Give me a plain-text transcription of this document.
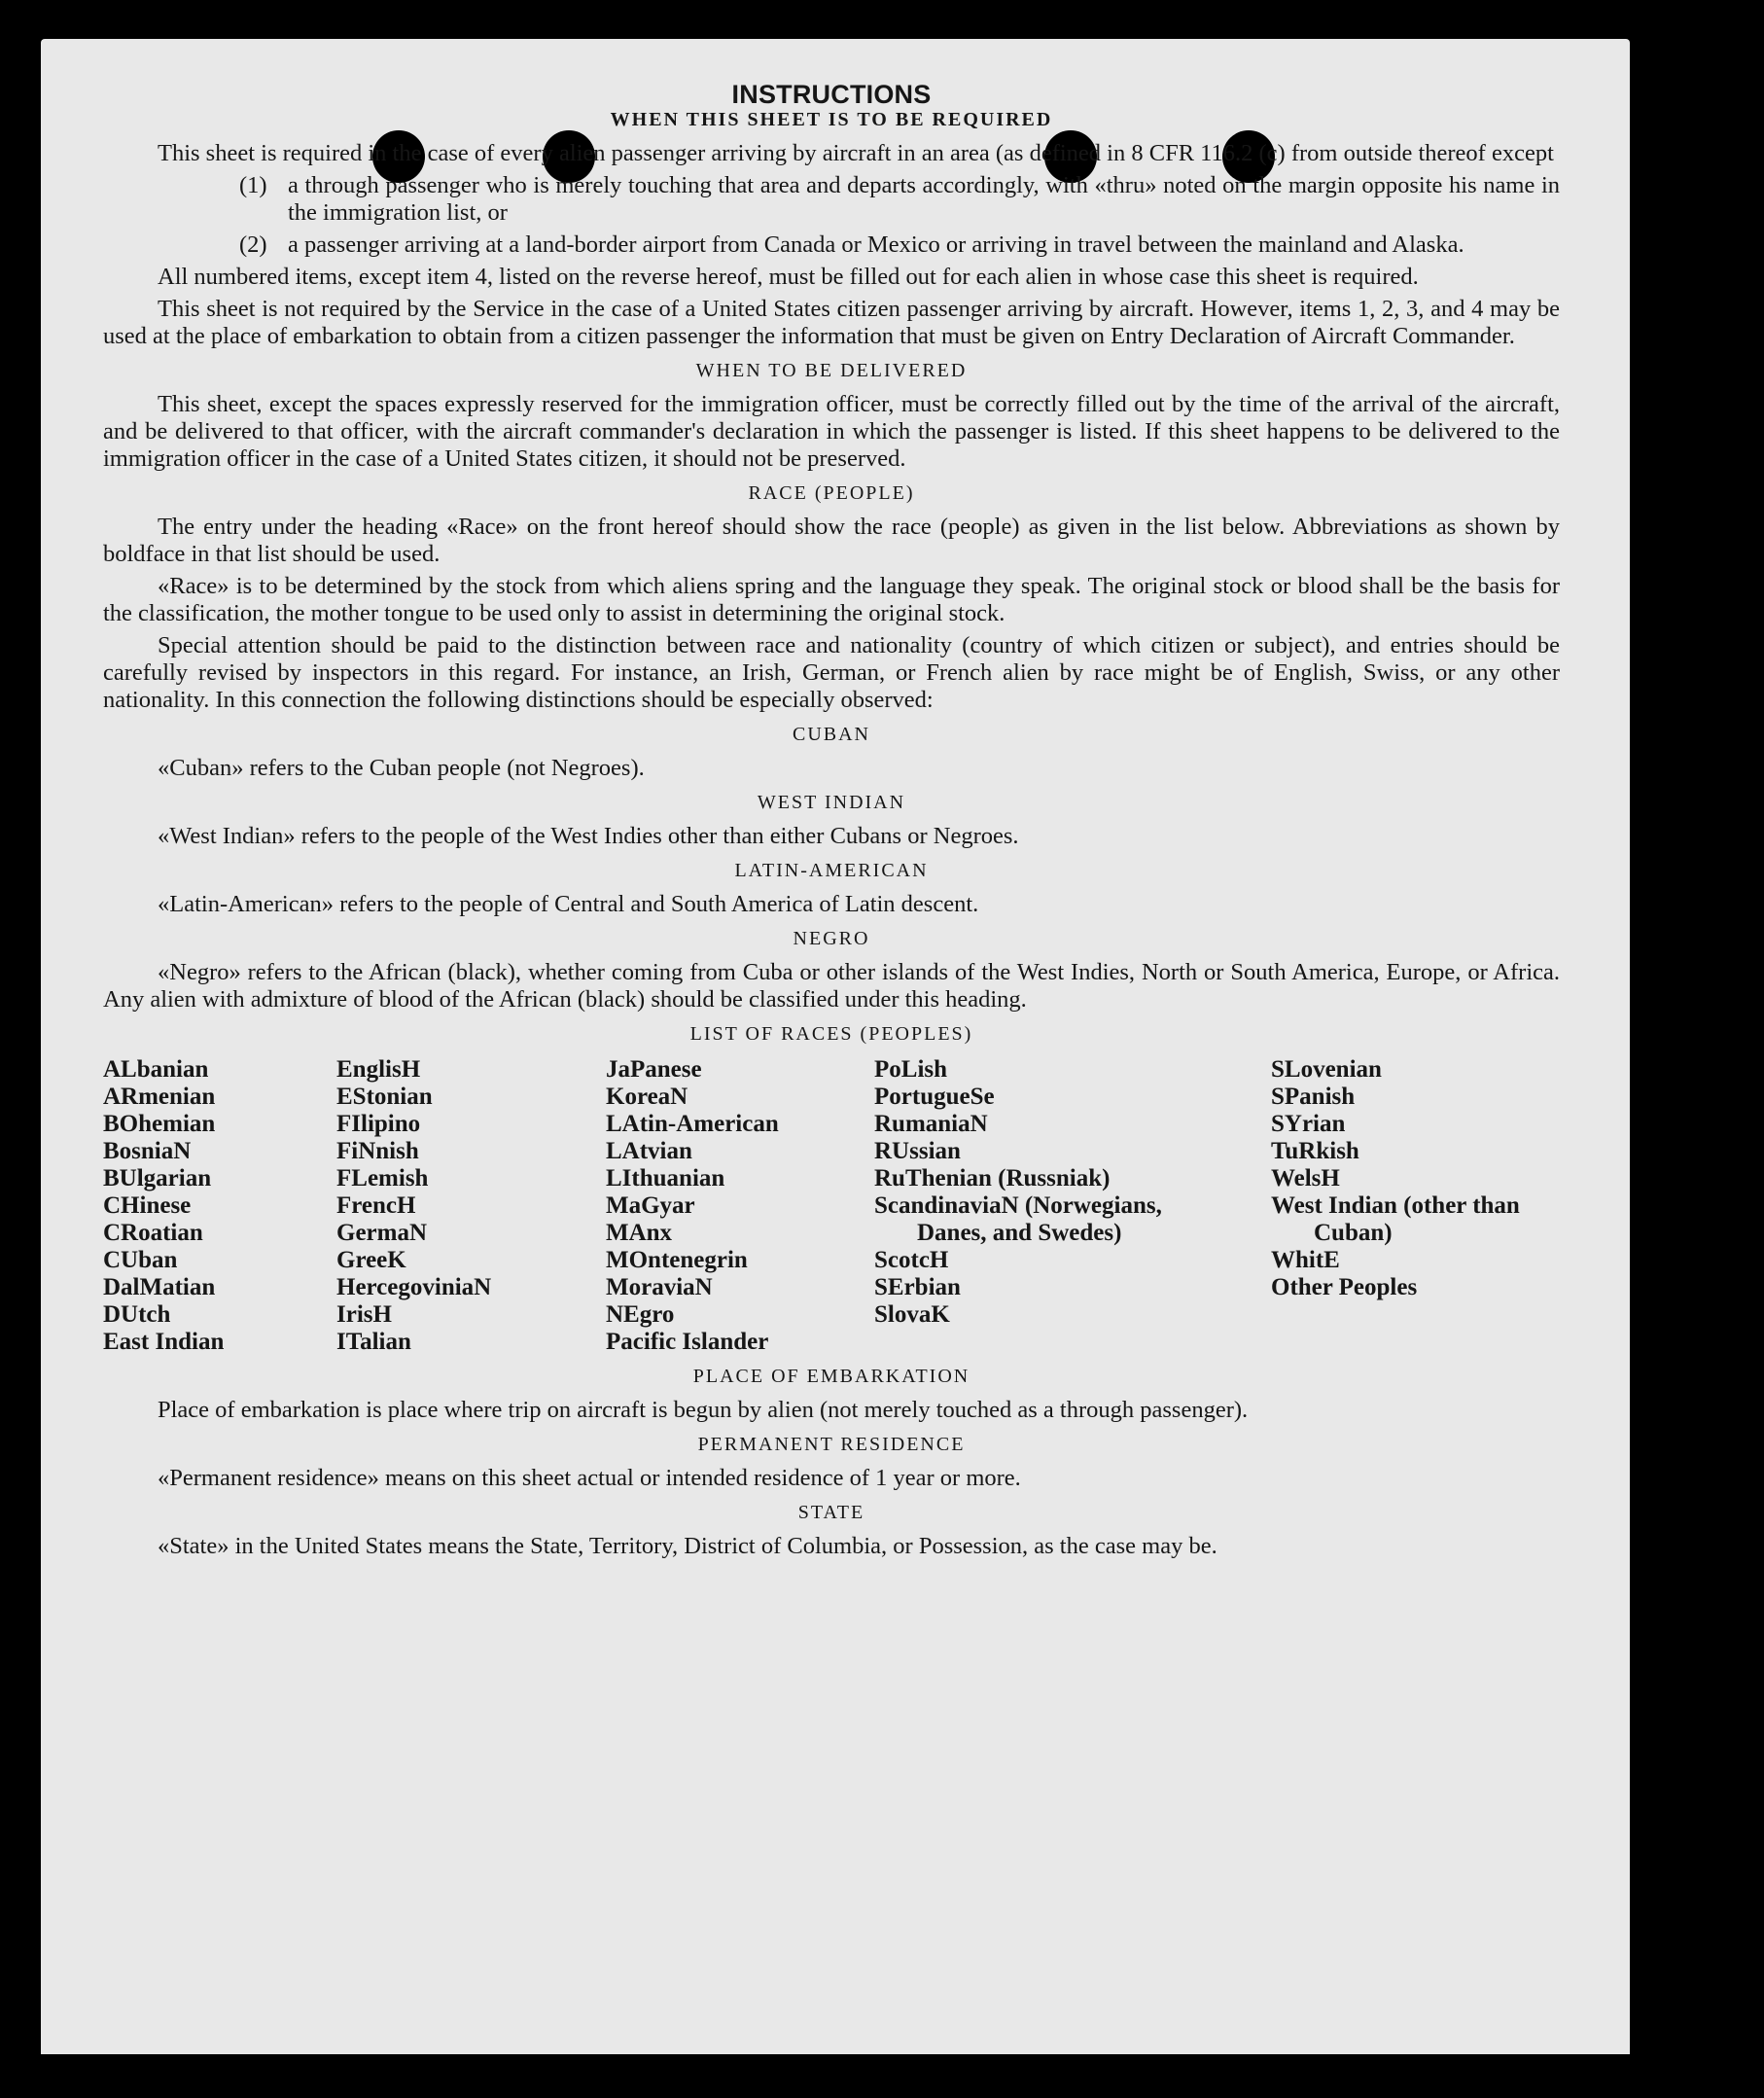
INSTRUCTIONS
WHEN THIS SHEET IS TO BE REQUIRED

This sheet is required in the case of every alien passenger arriving by aircraft in an area (as defined in 8 CFR 116.2 (c) from outside thereof except

(1) a through passenger who is merely touching that area and departs accordingly, with «thru» noted on the margin opposite his name in the immigration list, or
(2) a passenger arriving at a land-border airport from Canada or Mexico or arriving in travel between the mainland and Alaska.

All numbered items, except item 4, listed on the reverse hereof, must be filled out for each alien in whose case this sheet is required.

This sheet is not required by the Service in the case of a United States citizen passenger arriving by aircraft. However, items 1, 2, 3, and 4 may be used at the place of embarkation to obtain from a citizen passenger the information that must be given on Entry Declaration of Aircraft Commander.

WHEN TO BE DELIVERED

This sheet, except the spaces expressly reserved for the immigration officer, must be correctly filled out by the time of the arrival of the aircraft, and be delivered to that officer, with the aircraft commander's declaration in which the passenger is listed. If this sheet happens to be delivered to the immigration officer in the case of a United States citizen, it should not be preserved.

RACE (PEOPLE)

The entry under the heading «Race» on the front hereof should show the race (people) as given in the list below. Abbreviations as shown by boldface in that list should be used.

«Race» is to be determined by the stock from which aliens spring and the language they speak. The original stock or blood shall be the basis for the classification, the mother tongue to be used only to assist in determining the original stock.

Special attention should be paid to the distinction between race and nationality (country of which citizen or subject), and entries should be carefully revised by inspectors in this regard. For instance, an Irish, German, or French alien by race might be of English, Swiss, or any other nationality. In this connection the following distinctions should be especially observed:

CUBAN

«Cuban» refers to the Cuban people (not Negroes).

WEST INDIAN

«West Indian» refers to the people of the West Indies other than either Cubans or Negroes.

LATIN-AMERICAN

«Latin-American» refers to the people of Central and South America of Latin descent.

NEGRO

«Negro» refers to the African (black), whether coming from Cuba or other islands of the West Indies, North or South America, Europe, or Africa. Any alien with admixture of blood of the African (black) should be classified under this heading.

LIST OF RACES (PEOPLES)
ALbanian
ARmenian
BOhemian
BosniaN
BUlgarian
CHinese
CRoatian
CUban
DalMatian
DUtch
East Indian
EnglisH
EStonian
FIlipino
FiNnish
FLemish
FrencH
GermaN
GreeK
HercegoviniaN
IrisH
ITalian
JaPanese
KoreaN
LAtin-American
LAtvian
LIthuanian
MaGyar
MAnx
MOntenegrin
MoraviaN
NEgro
Pacific Islander
PoLish
PortugueSe
RumaniaN
RUssian
RuThenian (Russniak)
ScandinaviaN (Norwegians, Danes, and Swedes)
ScotcH
SErbian
SlovaK
SLovenian
SPanish
SYrian
TuRkish
WelsH
West Indian (other than Cuban)
WhitE
Other Peoples
PLACE OF EMBARKATION

Place of embarkation is place where trip on aircraft is begun by alien (not merely touched as a through passenger).

PERMANENT RESIDENCE

«Permanent residence» means on this sheet actual or intended residence of 1 year or more.

STATE

«State» in the United States means the State, Territory, District of Columbia, or Possession, as the case may be.
